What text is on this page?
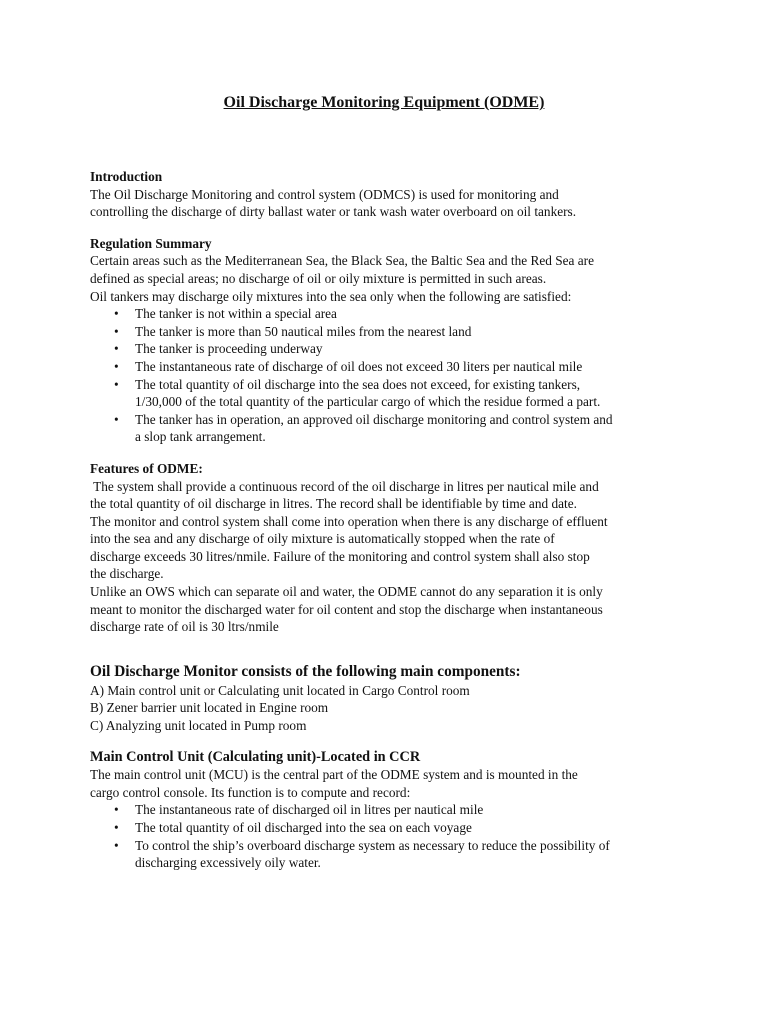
Oil Discharge Monitoring Equipment (ODME)

Introduction

The Oil Discharge Monitoring and control system (ODMCS) is used for monitoring and

controlling the discharge of dirty ballast water or tank wash water overboard on oil tankers.

Regulation Summary

Certain areas such as the Mediterranean Sea, the Black Sea, the Baltic Sea and the Red Sea are

defined as special areas; no discharge of oil or oily mixture is permitted in such areas.

Oil tankers may discharge oily mixtures into the sea only when the following are satisfied:

• The tanker is not within a special area
• The tanker is more than 50 nautical miles from the nearest land
• The tanker is proceeding underway
• The instantaneous rate of discharge of oil does not exceed 30 liters per nautical mile
• The total quantity of oil discharge into the sea does not exceed, for existing tankers,
1/30,000 of the total quantity of the particular cargo of which the residue formed a part.
• The tanker has in operation, an approved oil discharge monitoring and control system and
a slop tank arrangement.

Features of ODME:

The system shall provide a continuous record of the oil discharge in litres per nautical mile and

the total quantity of oil discharge in litres. The record shall be identifiable by time and date.

The monitor and control system shall come into operation when there is any discharge of effluent

into the sea and any discharge of oily mixture is automatically stopped when the rate of

discharge exceeds 30 litres/nmile. Failure of the monitoring and control system shall also stop

the discharge.

Unlike an OWS which can separate oil and water, the ODME cannot do any separation it is only

meant to monitor the discharged water for oil content and stop the discharge when instantaneous

discharge rate of oil is 30 ltrs/nmile

Oil Discharge Monitor consists of the following main components:

A) Main control unit or Calculating unit located in Cargo Control room

B) Zener barrier unit located in Engine room

C) Analyzing unit located in Pump room

Main Control Unit (Calculating unit)-Located in CCR

The main control unit (MCU) is the central part of the ODME system and is mounted in the

cargo control console. Its function is to compute and record:

• The instantaneous rate of discharged oil in litres per nautical mile
• The total quantity of oil discharged into the sea on each voyage
• To control the ship’s overboard discharge system as necessary to reduce the possibility of
discharging excessively oily water.
